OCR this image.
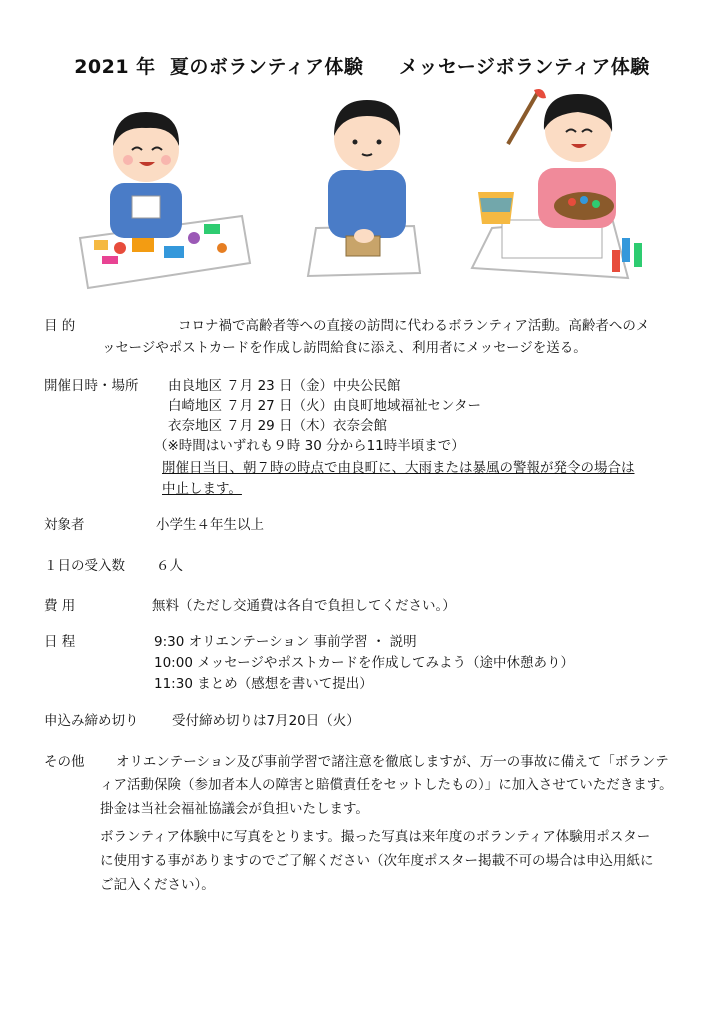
2021 年  夏のボランティア体験     メッセージボランティア体験
目 的	コロナ禍で高齢者等への直接の訪問に代わるボランティア活動。高齢者へのメ
ッセージやポストカードを作成し訪問給食に添え、利用者にメッセージを送る。
開催日時・場所 由良地区 ７月 23 日（金）中央公民館
白崎地区 ７月 27 日（火）由良町地域福祉センター
衣奈地区 ７月 29 日（木）衣奈会館
（※時間はいずれも９時 30 分から11時半頃まで）
開催日当日、朝７時の時点で由良町に、大雨または暴風の警報が発令の場合は
中止します。
対象者	小学生４年生以上
１日の受入数 ６人
費 用	無料（ただし交通費は各自で負担してください。）
日 程	9:30 オリエンテーション 事前学習 ・ 説明
10:00 メッセージやポストカードを作成してみよう（途中休憩あり）
11:30 まとめ（感想を書いて提出）
申込み締め切り 受付締め切りは7月20日（火）
その他 オリエンテーション及び事前学習で諸注意を徹底しますが、万一の事故に備えて「ボランテ
ィア活動保険（参加者本人の障害と賠償責任をセットしたもの）」に加入させていただきます。
掛金は当社会福祉協議会が負担いたします。
ボランティア体験中に写真をとります。撮った写真は来年度のボランティア体験用ポスター
に使用する事がありますのでご了解ください（次年度ポスター掲載不可の場合は申込用紙に
ご記入ください）。
